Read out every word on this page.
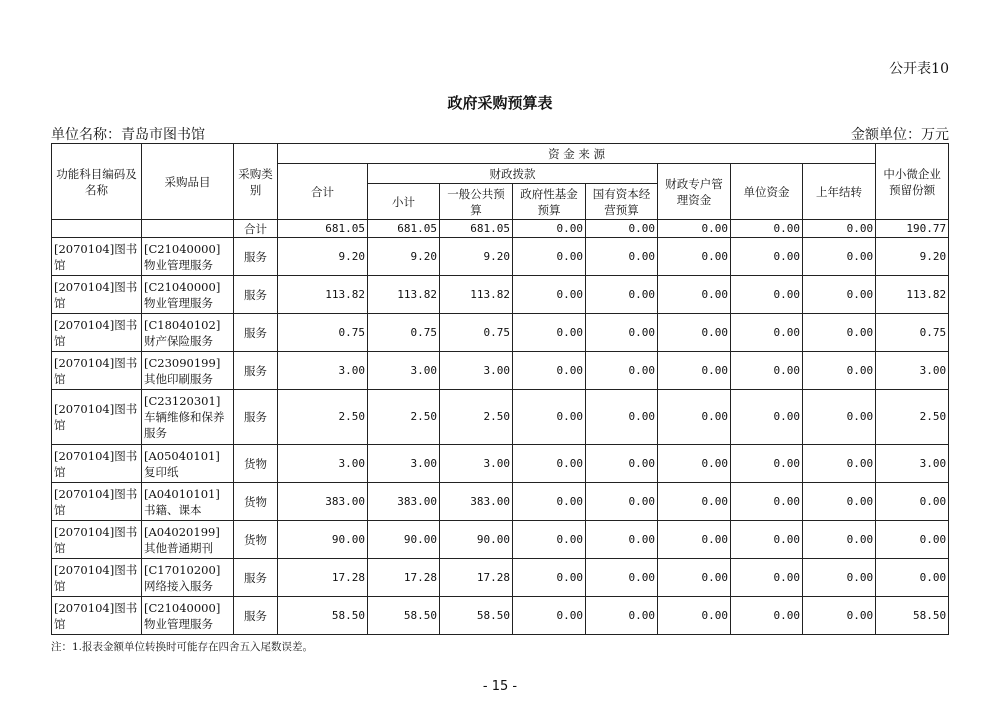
公开表10
政府采购预算表
单位名称：青岛市图书馆	金额单位：万元
功能科目编码及名称	采购品目	采购类别	资 金 来 源								中小微企业预留份额
			合计	财政拨款				财政专户管理资金	单位资金	上年结转	
				小计	一般公共预算	政府性基金预算	国有资本经营预算				
		合计	681.05	681.05	681.05	0.00	0.00	0.00	0.00	0.00	190.77
[2070104]图书馆	[C21040000]物业管理服务	服务	9.20	9.20	9.20	0.00	0.00	0.00	0.00	0.00	9.20
[2070104]图书馆	[C21040000]物业管理服务	服务	113.82	113.82	113.82	0.00	0.00	0.00	0.00	0.00	113.82
[2070104]图书馆	[C18040102]财产保险服务	服务	0.75	0.75	0.75	0.00	0.00	0.00	0.00	0.00	0.75
[2070104]图书馆	[C23090199]其他印刷服务	服务	3.00	3.00	3.00	0.00	0.00	0.00	0.00	0.00	3.00
[2070104]图书馆	[C23120301]车辆维修和保养服务	服务	2.50	2.50	2.50	0.00	0.00	0.00	0.00	0.00	2.50
[2070104]图书馆	[A05040101]复印纸	货物	3.00	3.00	3.00	0.00	0.00	0.00	0.00	0.00	3.00
[2070104]图书馆	[A04010101]书籍、课本	货物	383.00	383.00	383.00	0.00	0.00	0.00	0.00	0.00	0.00
[2070104]图书馆	[A04020199]其他普通期刊	货物	90.00	90.00	90.00	0.00	0.00	0.00	0.00	0.00	0.00
[2070104]图书馆	[C17010200]网络接入服务	服务	17.28	17.28	17.28	0.00	0.00	0.00	0.00	0.00	0.00
[2070104]图书馆	[C21040000]物业管理服务	服务	58.50	58.50	58.50	0.00	0.00	0.00	0.00	0.00	58.50
注：1.报表金额单位转换时可能存在四舍五入尾数误差。
- 15 -
